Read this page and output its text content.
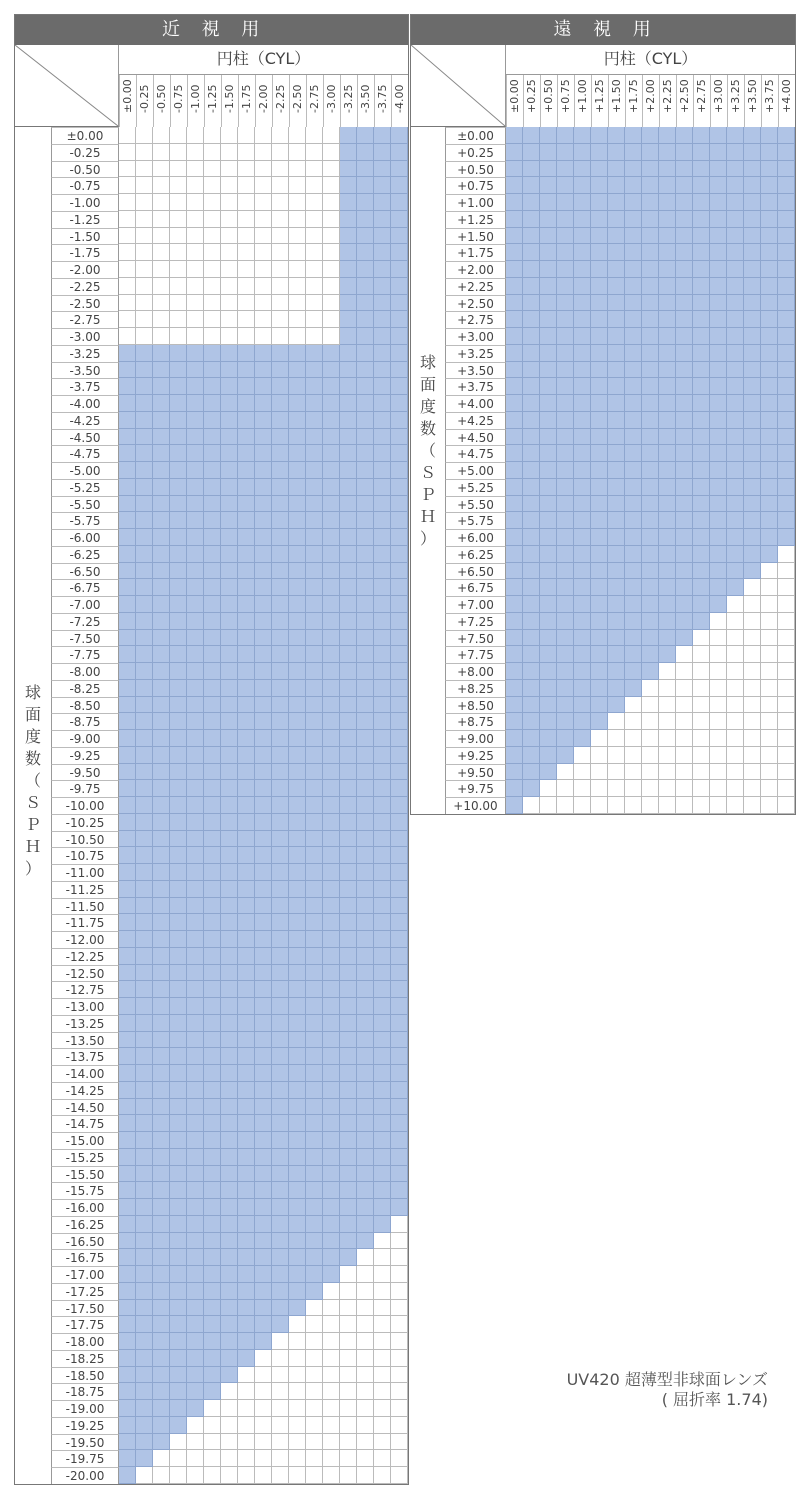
近　視　用
円柱（CYL）
±0.00 -0.25 -0.50 -0.75 -1.00 -1.25 -1.50 -1.75 -2.00 -2.25 -2.50 -2.75 -3.00 -3.25 -3.50 -3.75 -4.00
±0.00
-0.25
-0.50
-0.75
-1.00
-1.25
-1.50
-1.75
-2.00
-2.25
-2.50
-2.75
-3.00
-3.25
-3.50
-3.75
-4.00
-4.25
-4.50
-4.75
-5.00
-5.25
-5.50
-5.75
-6.00
-6.25
-6.50
-6.75
-7.00
-7.25
-7.50
-7.75
-8.00
-8.25
-8.50
-8.75
-9.00
-9.25
-9.50
-9.75
-10.00
-10.25
-10.50
-10.75
-11.00
-11.25
-11.50
-11.75
-12.00
-12.25
-12.50
-12.75
-13.00
-13.25
-13.50
-13.75
-14.00
-14.25
-14.50
-14.75
-15.00
-15.25
-15.50
-15.75
-16.00
-16.25
-16.50
-16.75
-17.00
-17.25
-17.50
-17.75
-18.00
-18.25
-18.50
-18.75
-19.00
-19.25
-19.50
-19.75
-20.00
球
面
度
数
（
Ｓ
Ｐ
Ｈ
）
遠　視　用
円柱（CYL）
±0.00 +0.25 +0.50 +0.75 +1.00 +1.25 +1.50 +1.75 +2.00 +2.25 +2.50 +2.75 +3.00 +3.25 +3.50 +3.75 +4.00
±0.00
+0.25
+0.50
+0.75
+1.00
+1.25
+1.50
+1.75
+2.00
+2.25
+2.50
+2.75
+3.00
+3.25
+3.50
+3.75
+4.00
+4.25
+4.50
+4.75
+5.00
+5.25
+5.50
+5.75
+6.00
+6.25
+6.50
+6.75
+7.00
+7.25
+7.50
+7.75
+8.00
+8.25
+8.50
+8.75
+9.00
+9.25
+9.50
+9.75
+10.00
球
面
度
数
（
Ｓ
Ｐ
Ｈ
）
UV420 超薄型非球面レンズ
( 屈折率 1.74)
